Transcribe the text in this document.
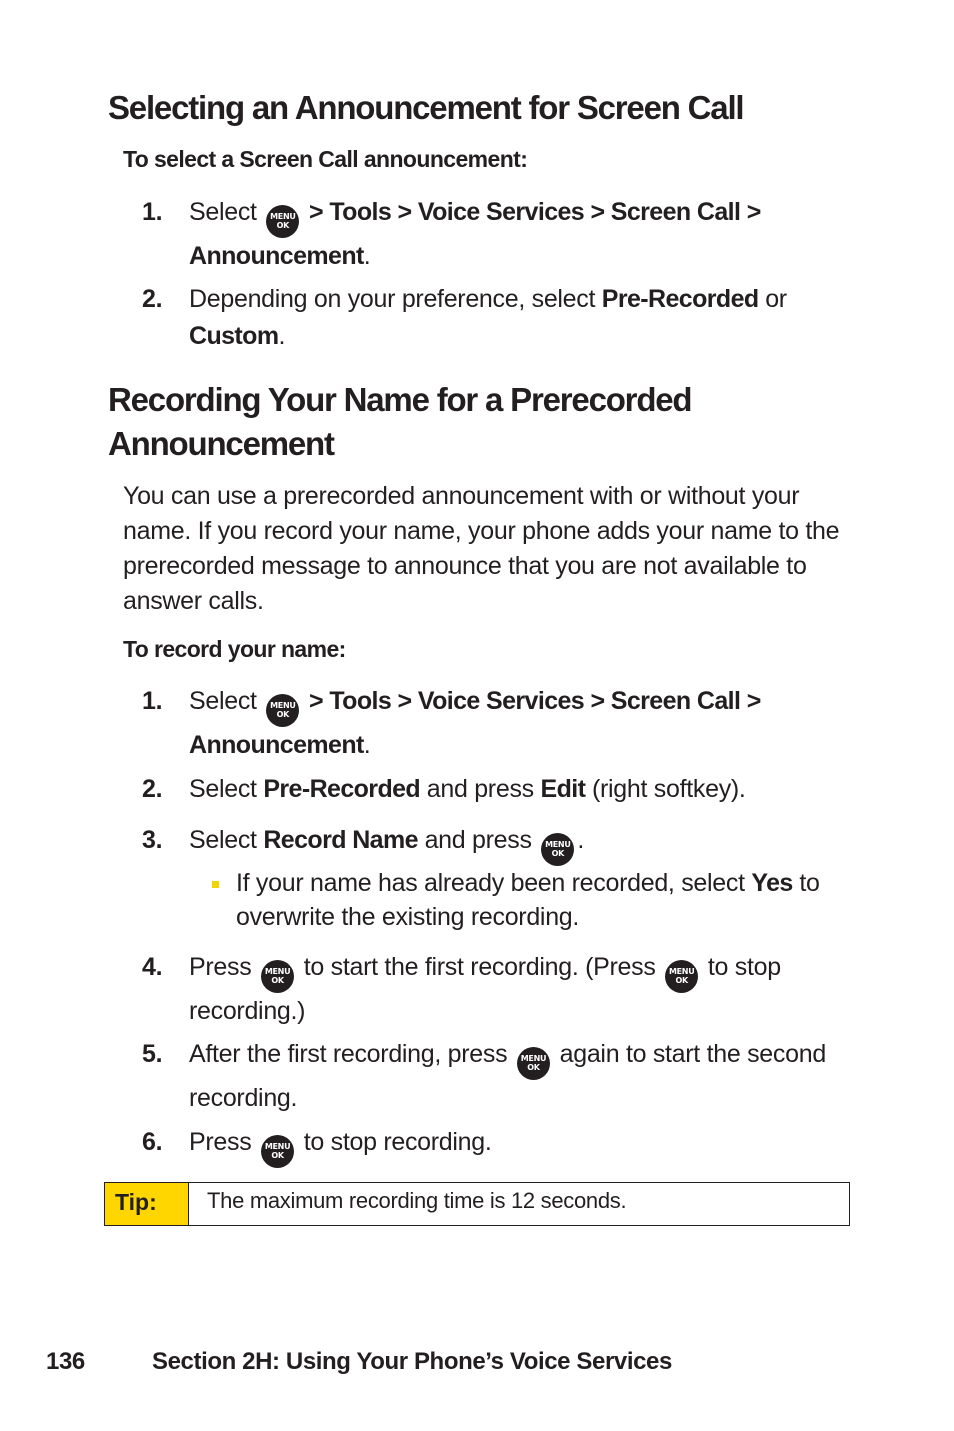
Selecting an Announcement for Screen Call

To select a Screen Call announcement:

1. Select	MENU
OK > Tools > Voice Services > Screen Call >
Announcement.
2. Depending on your preference, select Pre-Recorded or
Custom.
Recording Your Name for a Prerecorded Announcement

You can use a prerecorded announcement with or without your name. If you record your name, your phone adds your name to the prerecorded message to announce that you are not available to answer calls.

To record your name:

1. Select	MENU
OK > Tools > Voice Services > Screen Call >
Announcement.
2. Select Pre-Recorded and press Edit (right softkey).
3. Select Record Name and press	MENU
OK .
If your name has already been recorded, select Yes to overwrite the existing recording.
4. Press	MENU
OK to start the first recording. (Press	MENU
OK to stop recording.)
5. After the first recording, press	MENU
OK again to start the second recording.
6. Press	MENU
OK to stop recording.
Tip:	The maximum recording time is 12 seconds.
136	Section 2H: Using Your Phone’s Voice Services
